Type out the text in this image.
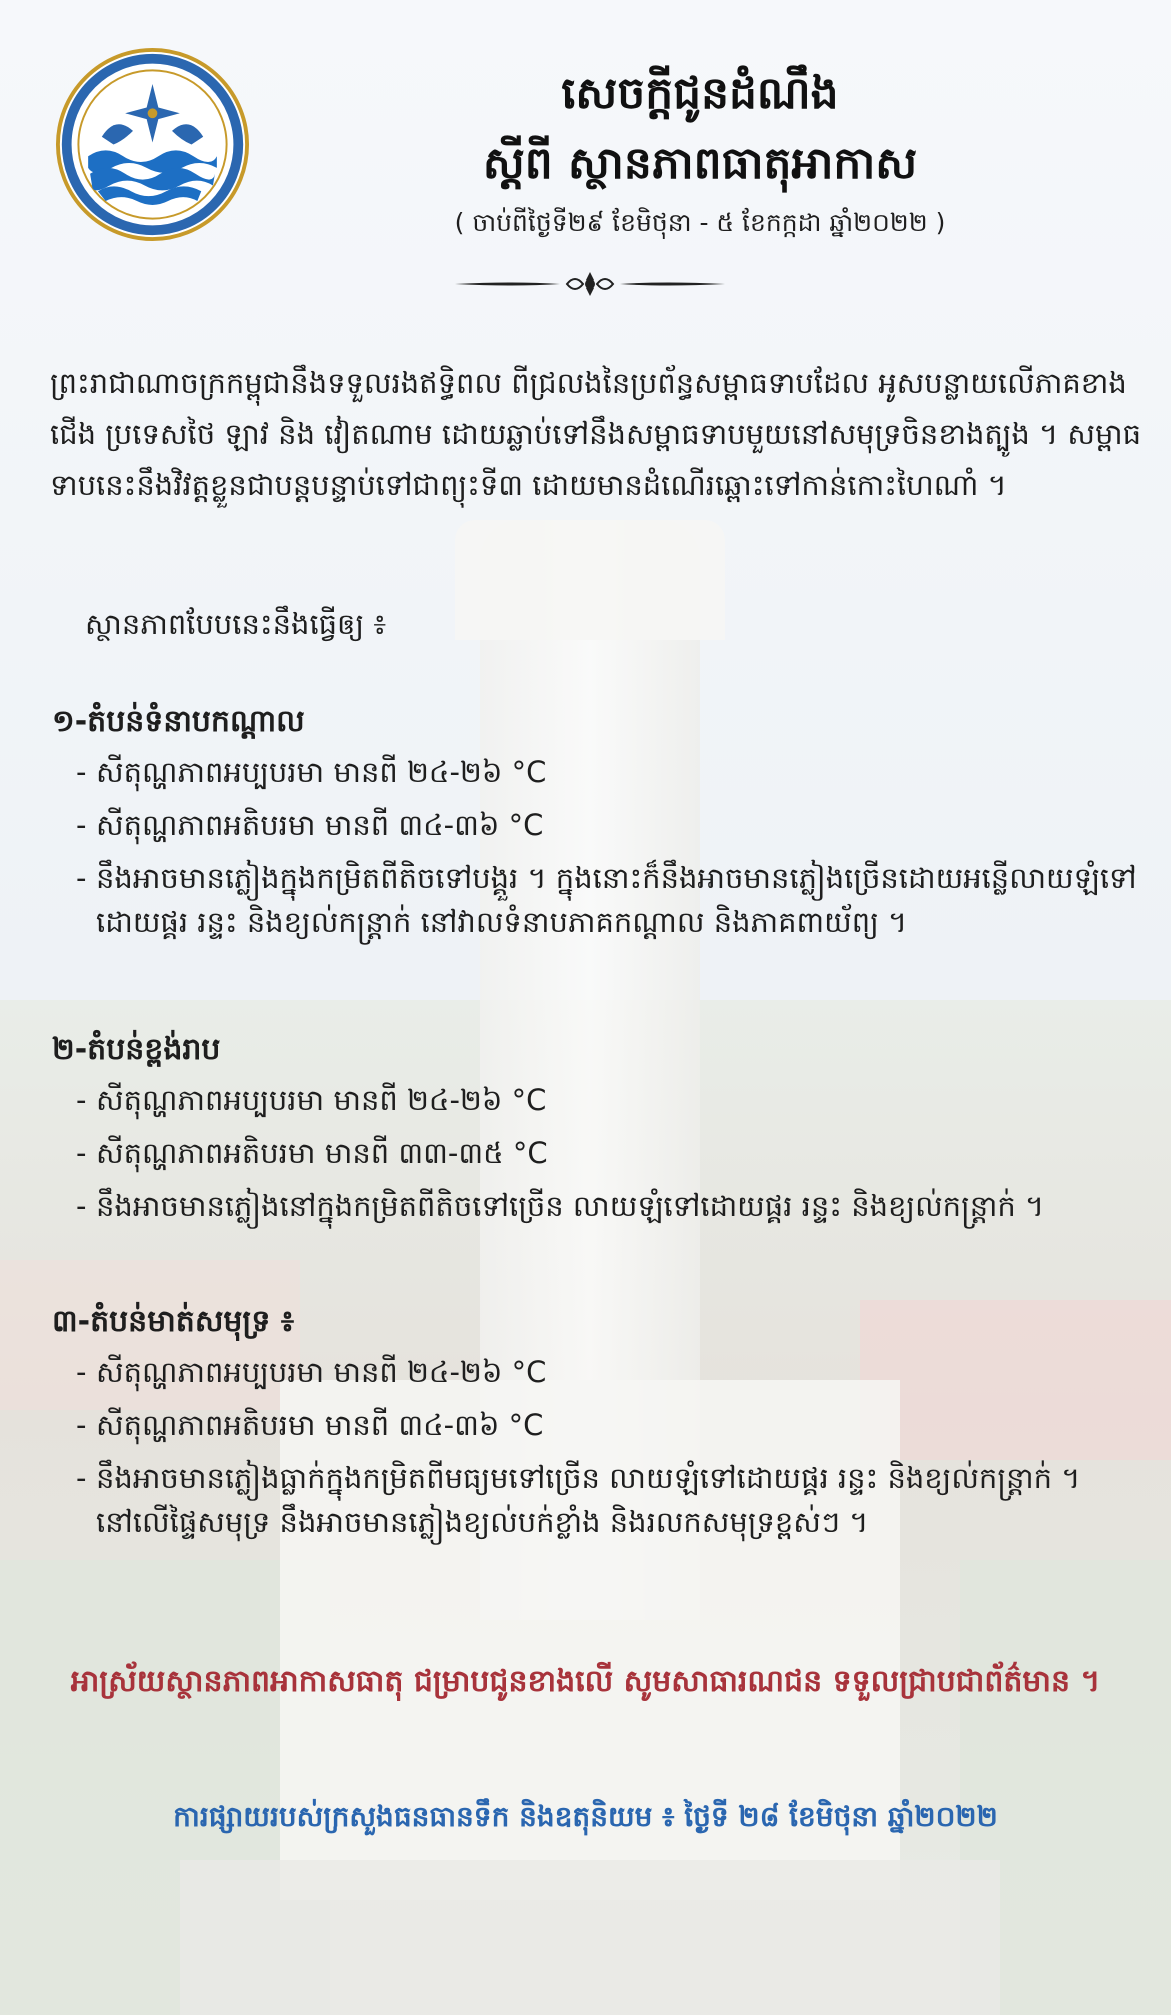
សេចក្តីជូនដំណឹង
ស្តីពី ស្ថានភាពធាតុអាកាស
( ចាប់ពីថ្ងៃទី២៩ ខែមិថុនា - ៥ ខែកក្កដា ឆ្នាំ២០២២ )

ព្រះរាជាណាចក្រកម្ពុជានឹងទទួលរងឥទ្ធិពល ពីជ្រលងនៃប្រព័ន្ធសម្ពាធទាបដែល អូសបន្លាយលើភាគខាងជើង ប្រទេសថៃ ឡាវ និង វៀតណាម ដោយឆ្លាប់ទៅនឹងសម្ពាធទាបមួយនៅសមុទ្រចិនខាងត្បូង ។ សម្ពាធទាបនេះនឹងវិវត្តខ្លួនជាបន្តបន្ទាប់ទៅជាព្យុះទី៣ ដោយមានដំណើរឆ្ពោះទៅកាន់កោះហៃណាំ ។

ស្ថានភាពបែបនេះនឹងធ្វើឲ្យ ៖
១-តំបន់ទំនាបកណ្តាល
- សីតុណ្ហភាពអប្បបរមា មានពី ២៤-២៦ °C
- សីតុណ្ហភាពអតិបរមា មានពី ៣៤-៣៦ °C
- នឹងអាចមានភ្លៀងក្នុងកម្រិតពីតិចទៅបង្គួរ ។ ក្នុងនោះក៏នឹងអាចមានភ្លៀងច្រើនដោយអន្លើលាយឡំទៅដោយផ្គរ រន្ទះ និងខ្យល់កន្ត្រាក់ នៅវាលទំនាបភាគកណ្តាល និងភាគពាយ័ព្យ ។
២-តំបន់ខ្ពង់រាប
- សីតុណ្ហភាពអប្បបរមា មានពី ២៤-២៦ °C
- សីតុណ្ហភាពអតិបរមា មានពី ៣៣-៣៥ °C
- នឹងអាចមានភ្លៀងនៅក្នុងកម្រិតពីតិចទៅច្រើន លាយឡំទៅដោយផ្គរ រន្ទះ និងខ្យល់កន្ត្រាក់ ។
៣-តំបន់មាត់សមុទ្រ ៖
- សីតុណ្ហភាពអប្បបរមា មានពី ២៤-២៦ °C
- សីតុណ្ហភាពអតិបរមា មានពី ៣៤-៣៦ °C
- នឹងអាចមានភ្លៀងធ្លាក់ក្នុងកម្រិតពីមធ្យមទៅច្រើន លាយឡំទៅដោយផ្គរ រន្ទះ និងខ្យល់កន្ត្រាក់ ។ នៅលើផ្ទៃសមុទ្រ នឹងអាចមានភ្លៀងខ្យល់បក់ខ្លាំង និងរលកសមុទ្រខ្ពស់ៗ ។
អាស្រ័យស្ថានភាពអាកាសធាតុ ជម្រាបជូនខាងលើ សូមសាធារណជន ទទួលជ្រាបជាព័ត៌មាន ។
ការផ្សាយរបស់ក្រសួងធនធានទឹក និងឧតុនិយម ៖ ថ្ងៃទី ២៨ ខែមិថុនា ឆ្នាំ២០២២
